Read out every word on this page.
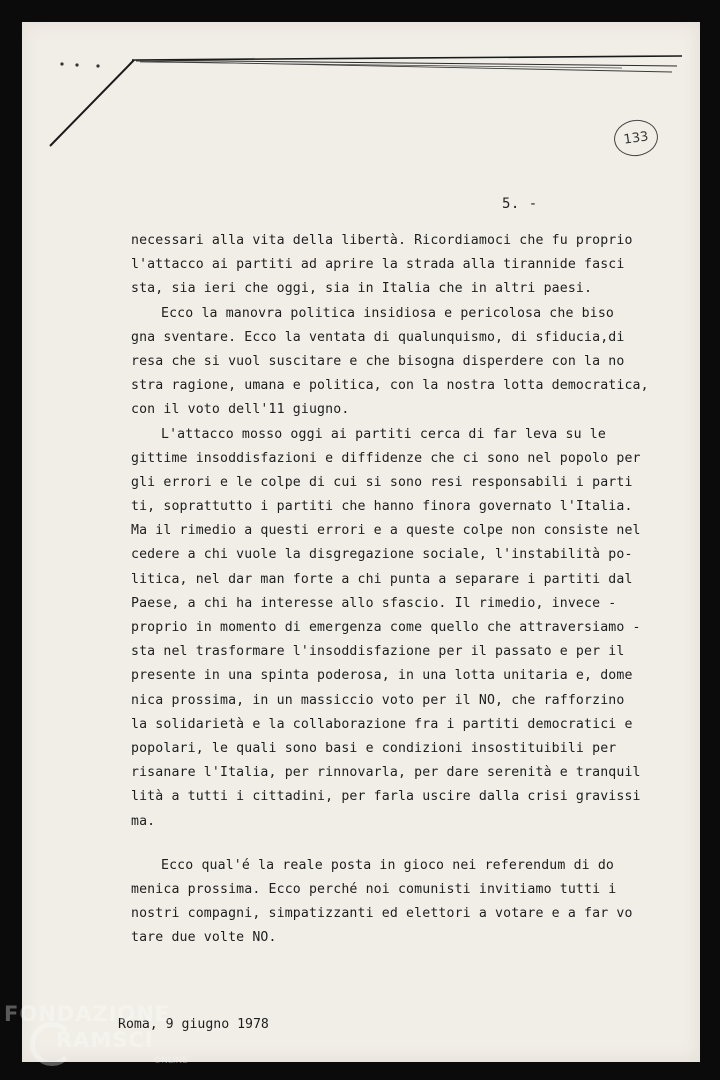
133
5. -
necessari alla vita della libertà. Ricordiamoci che fu proprio
l'attacco ai partiti ad aprire la strada alla tirannide fasci
sta, sia ieri che oggi, sia in Italia che in altri paesi.
Ecco la manovra politica insidiosa e pericolosa che biso
gna sventare. Ecco la ventata di qualunquismo, di sfiducia,di
resa che si vuol suscitare e che bisogna disperdere con la no
stra ragione, umana e politica, con la nostra lotta democratica,
con il voto dell'11 giugno.
L'attacco mosso oggi ai partiti cerca di far leva su le
gittime insoddisfazioni e diffidenze che ci sono nel popolo per
gli errori e le colpe di cui si sono resi responsabili i parti
ti, soprattutto i partiti che hanno finora governato l'Italia.
Ma il rimedio a questi errori e a queste colpe non consiste nel
cedere a chi vuole la disgregazione sociale, l'instabilità po-
litica, nel dar man forte a chi punta a separare i partiti dal
Paese, a chi ha interesse allo sfascio. Il rimedio, invece -
proprio in momento di emergenza come quello che attraversiamo -
sta nel trasformare l'insoddisfazione per il passato e per il
presente in una spinta poderosa, in una lotta unitaria e, dome
nica prossima, in un massiccio voto per il NO, che rafforzino
la solidarietà e la collaborazione fra i partiti democratici e
popolari, le quali sono basi e condizioni insostituibili per
risanare l'Italia, per rinnovarla, per dare serenità e tranquil
lità a tutti i cittadini, per farla uscire dalla crisi gravissi
ma.
Ecco qual'é la reale posta in gioco nei referendum di do
menica prossima. Ecco perché noi comunisti invitiamo tutti i
nostri compagni, simpatizzanti ed elettori a votare e a far vo
tare due volte NO.
Roma, 9 giugno 1978
FONDAZIONE
RAMSCI
ONLINE
